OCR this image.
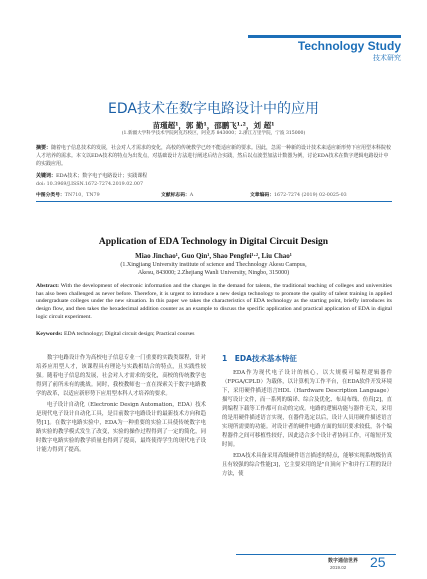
Technology Study
技术研究
EDA技术在数字电路设计中的应用
苗瑾超¹，郭 勤¹，邵鹏飞¹·²，刘 超¹
(1.新疆大学科学技术学院阿克苏校区，阿克苏 843000；2.浙江万里学院，宁波 315000)
摘要：随着电子信息技术的发展，社会对人才需求的变化，高校的传统教学已经不能适应新的要求。因此，急需一种新的设计技术来适应新形势下应用型本科院校人才培养的需求。本文以EDA技术的特点为出发点，对基础设计方法进行阐述后结合实践，然后以点波型加法计数器为例，讨论EDA技术在数字逻辑电路设计中的实践应用。
关键词：EDA技术；数字电子电路设计；实践课程
doi: 10.3969/J.ISSN.1672-7274.2019.02.007
中图分类号：TN710，TN79	文献标志码：A	文章编码：1672-7274 (2019) 02-0025-03
Application of EDA Technology in Digital Circuit Design
Miao Jinchao¹, Guo Qin¹, Shao Pengfei¹·², Liu Chao¹
(1.Xingjiang University institute of science and Thechnology Akesu Campus,
Akesu, 843000; 2.Zhejiang Wanli University, Ningbo, 315000)
Abstract: With the development of electronic information and the changes in the demand for talents, the traditional teaching of colleges and universities has also been challenged as never before. Therefore, it is urgent to introduce a new design technology to promote the quality of talent training in applied undergraduate colleges under the new situation. In this paper we takes the characteristics of EDA technology as the starting point, briefly introduces its design flow, and then takes the hexadecimal addition counter as an example to discuss the specific application and practical application of EDA in digital logic circuit experiment.
Keywords: EDA technology; Digital circuit design; Practical courses

数字电路设计作为高校电子信息专业一门重要的实践类课程，针对培养应用型人才，该课程具有理论与实践相结合的特点，且实践性较强。随着电子信息的发展，社会对人才需求的变化，高校的传统教学也得到了前所未有的挑战。同时，我校教师也一直在探索关于数字电路教学的改革，以适应新形势下应用型本科人才培养的要求。

电子设计自动化（Electronic Design Automation，EDA）技术是现代电子设计自动化工具，是目前数字电路设计的最新技术方向和趋势[1]。在数字电路实验中，EDA为一种重要的实验工具使传统数字电路实验的教学模式发生了改变，实验的操作过程得到了一定的简化，同时数字电路实验的教学质量也得到了提高，最终使得学生的现代电子设计能力得到了提高。

1　EDA技术基本特征

EDA作为现代电子设计的核心，以大规模可编程逻辑器件（FPGA/CPLD）为载体，以计算机为工作平台，在EDA软件开发环境下，采用硬件描述语言HDL（Hardware Description Language）描写设计文件，而一系列的编译、综合及优化、布局布线、仿真[2]，直到编程下载等工作都可自动的完成。电路的逻辑功能与器件无关，采用的是用硬件描述语言实现，在器件选定以后，设计人员用硬件描述语言实现所需要的功能。对设计者的硬件电路方面的知识要求较低，各个编程器件之间可移植性较好，因此适合多个设计者协同工作，可缩短开发时间。

EDA技术具备采用高级硬件语言描述的特点，能够实现系统级仿真且有较强的综合性能[3]，它主要采用的是"自顶向下"和并行工程的设计方法，使

数字通信世界
2019.02 25
